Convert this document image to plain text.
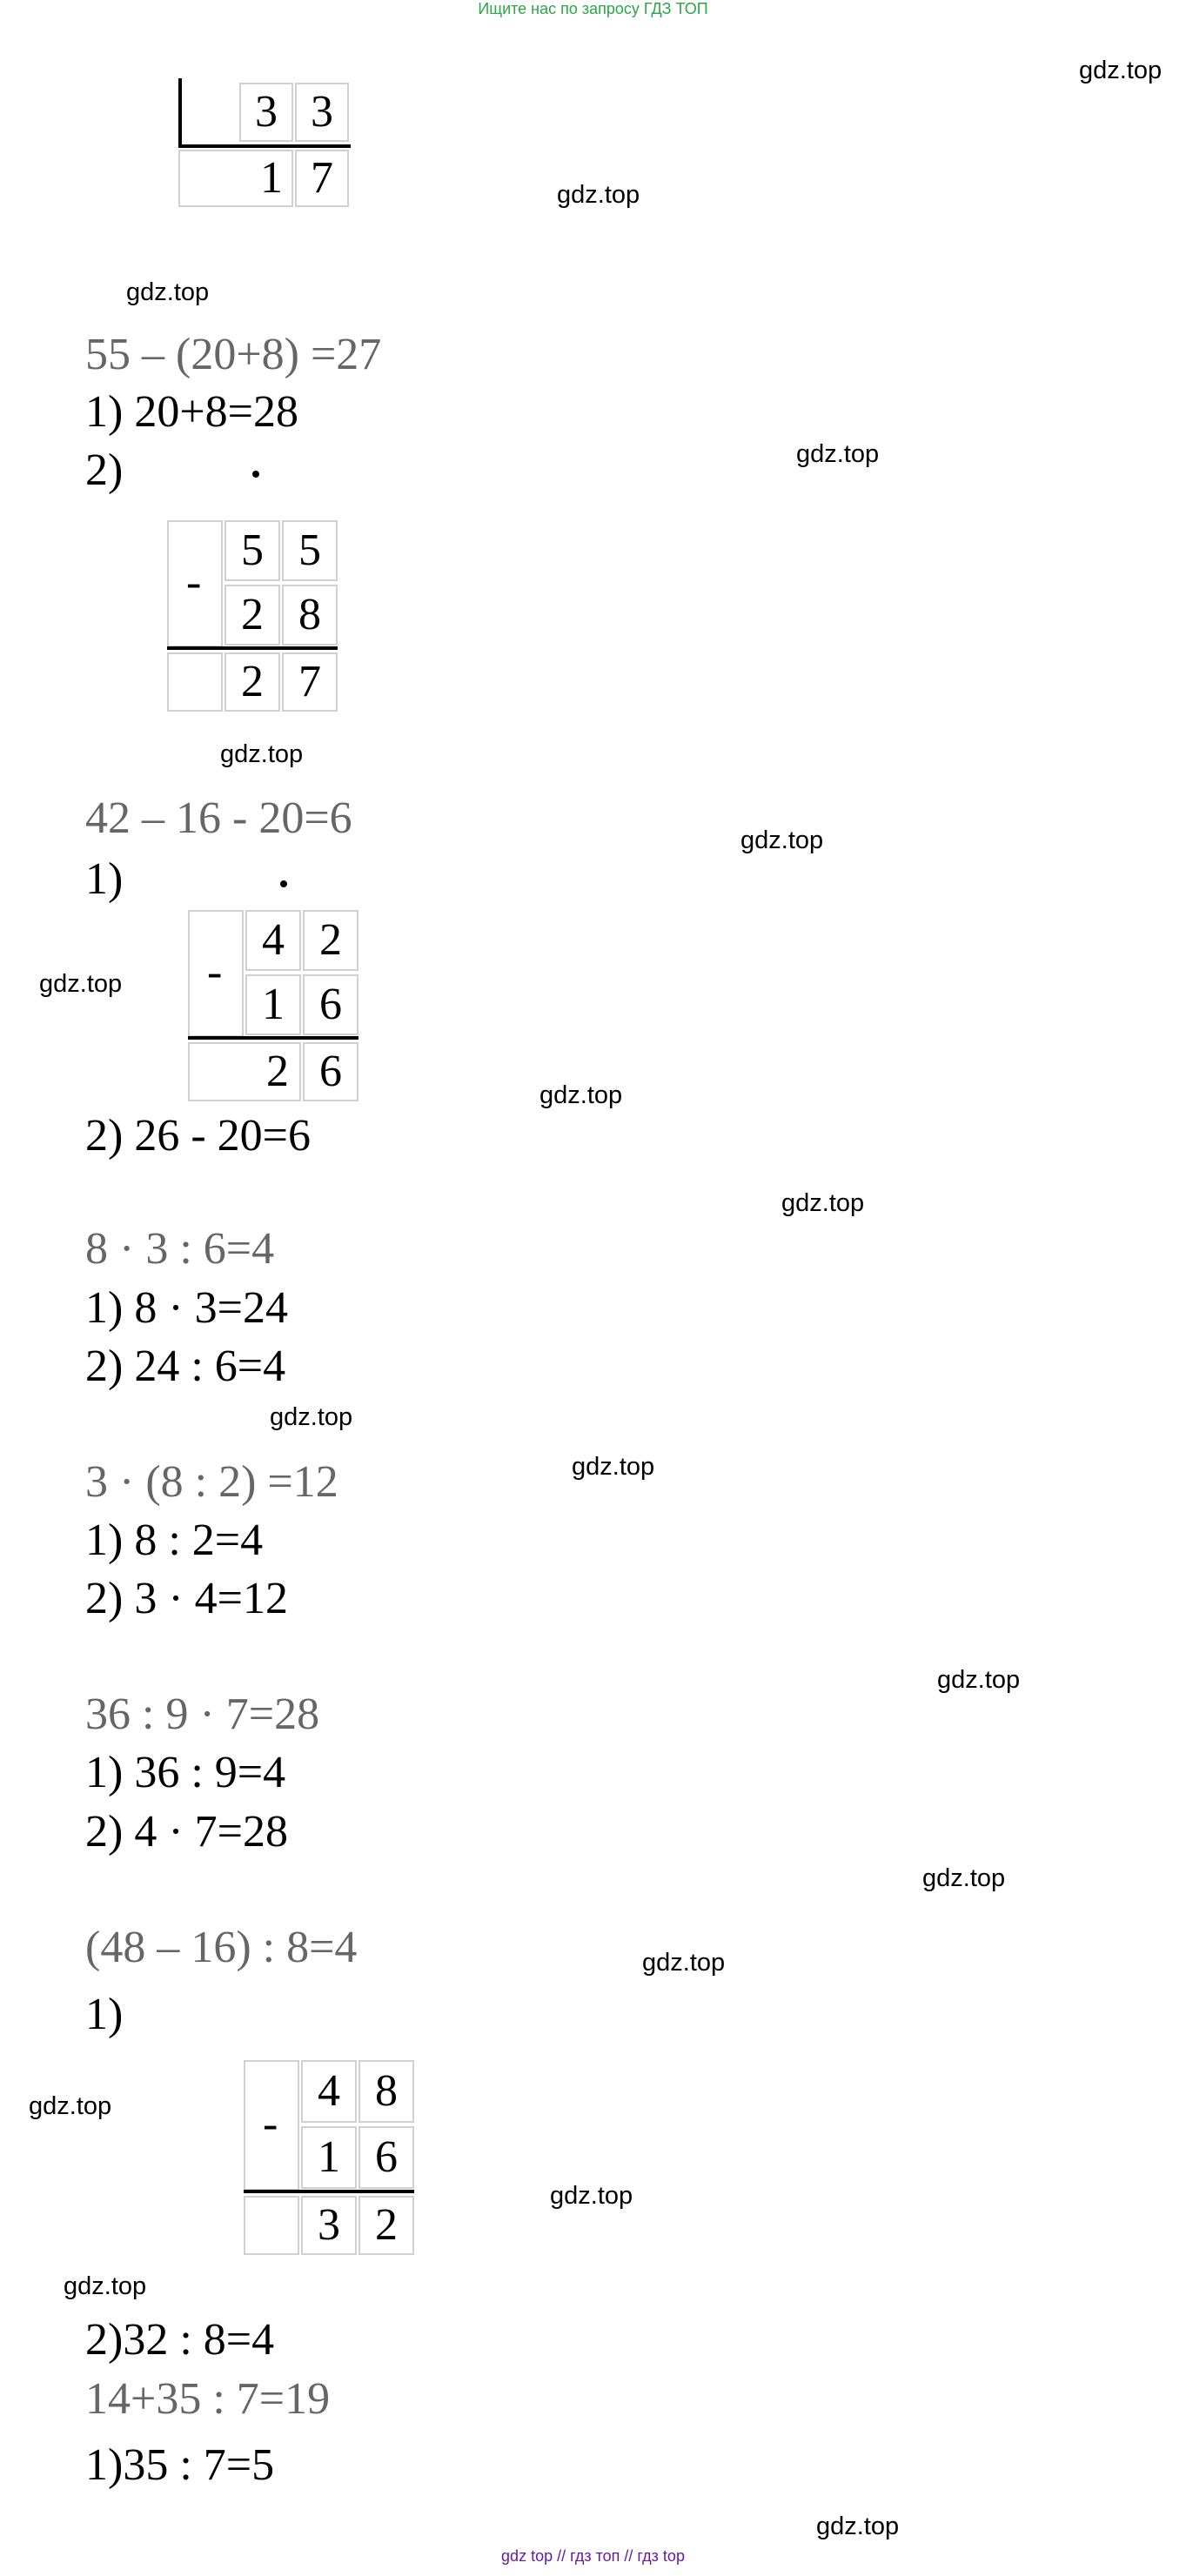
Ищите нас по запросу ГДЗ ТОП
gdz.top
gdz.top
gdz.top
gdz.top
gdz.top
gdz.top
gdz.top
gdz.top
gdz.top
gdz.top
gdz.top
gdz.top
gdz.top
gdz.top
gdz.top
gdz.top
gdz.top
gdz.top
3 3
1 7
55 – (20+8) =27
1) 20+8=28
2)
-
5 5
2 8
2 7
42 – 16 - 20=6
1)
-
4 2
1 6
2 6
2) 26 - 20=6
8 · 3 : 6=4
1) 8 · 3=24
2) 24 : 6=4
3 · (8 : 2) =12
1) 8 : 2=4
2) 3 · 4=12
36 : 9 · 7=28
1) 36 : 9=4
2) 4 · 7=28
(48 – 16) : 8=4
1)
-
4 8
1 6
3 2
2)32 : 8=4
14+35 : 7=19
1)35 : 7=5
gdz top // гдз топ // гдз top
